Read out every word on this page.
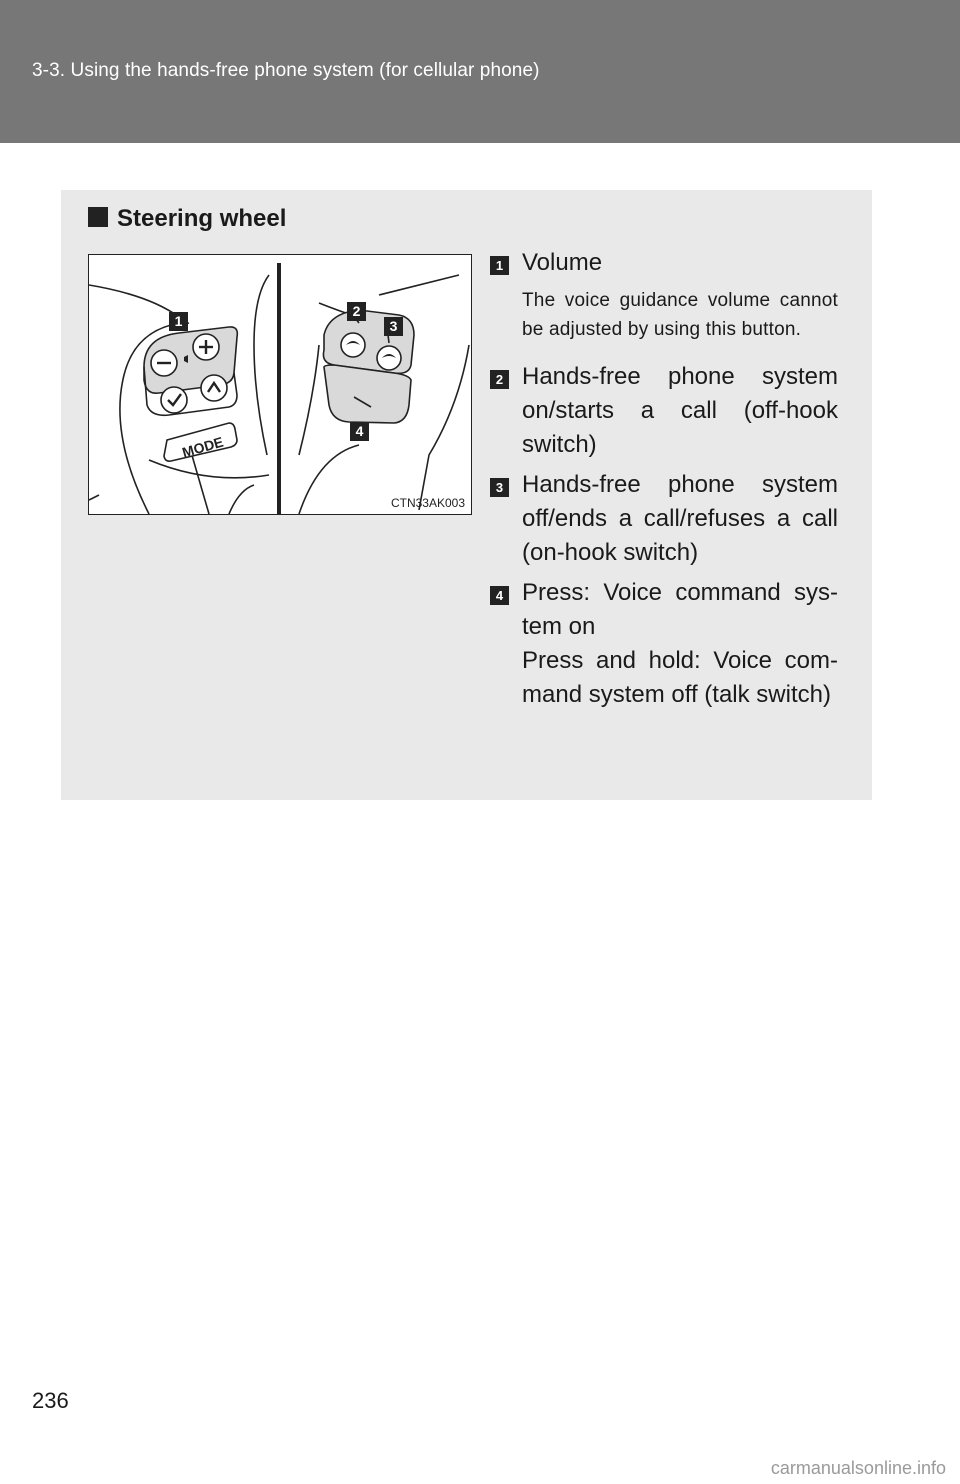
3-3. Using the hands-free phone system (for cellular phone)
Steering wheel
MODE
1
2
3
4
CTN33AK003
1 Volume
The voice guidance volume cannot be adjusted by using this button.
2 Hands-free phone system on/starts a call (off-hook switch)
3 Hands-free phone system off/ends a call/refuses a call (on-hook switch)
4 Press: Voice command sys-tem on
Press and hold: Voice com-mand system off (talk switch)
236
carmanualsonline.info
